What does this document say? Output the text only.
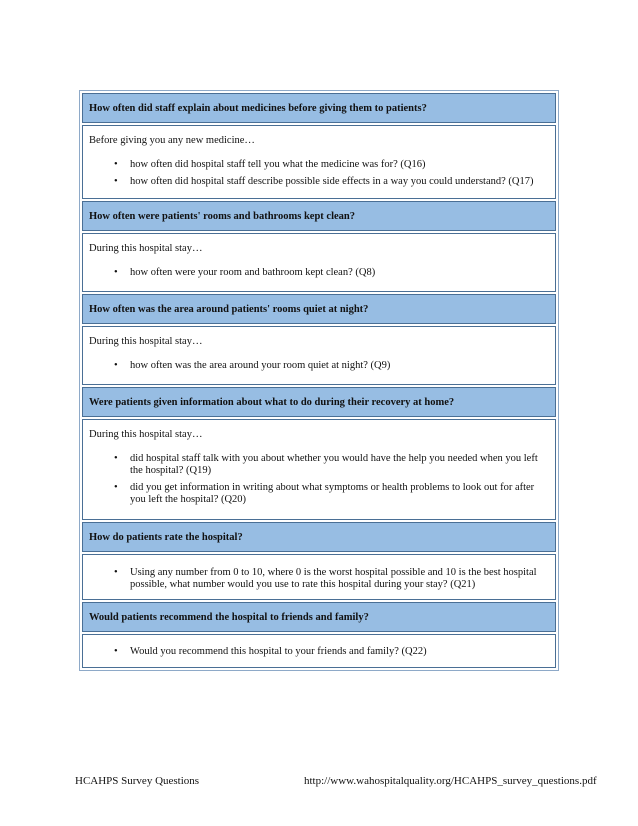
How often did staff explain about medicines before giving them to patients?

Before giving you any new medicine…

• how often did hospital staff tell you what the medicine was for? (Q16)
• how often did hospital staff describe possible side effects in a way you could understand? (Q17)
How often were patients' rooms and bathrooms kept clean?

During this hospital stay…

• how often were your room and bathroom kept clean? (Q8)
How often was the area around patients' rooms quiet at night?

During this hospital stay…

• how often was the area around your room quiet at night? (Q9)
Were patients given information about what to do during their recovery at home?

During this hospital stay…

• did hospital staff talk with you about whether you would have the help you needed when you left the hospital? (Q19)
• did you get information in writing about what symptoms or health problems to look out for after you left the hospital? (Q20)
How do patients rate the hospital?
• Using any number from 0 to 10, where 0 is the worst hospital possible and 10 is the best hospital possible, what number would you use to rate this hospital during your stay? (Q21)
Would patients recommend the hospital to friends and family?
• Would you recommend this hospital to your friends and family? (Q22)
HCAHPS Survey Questions	http://www.wahospitalquality.org/HCAHPS_survey_questions.pdf
